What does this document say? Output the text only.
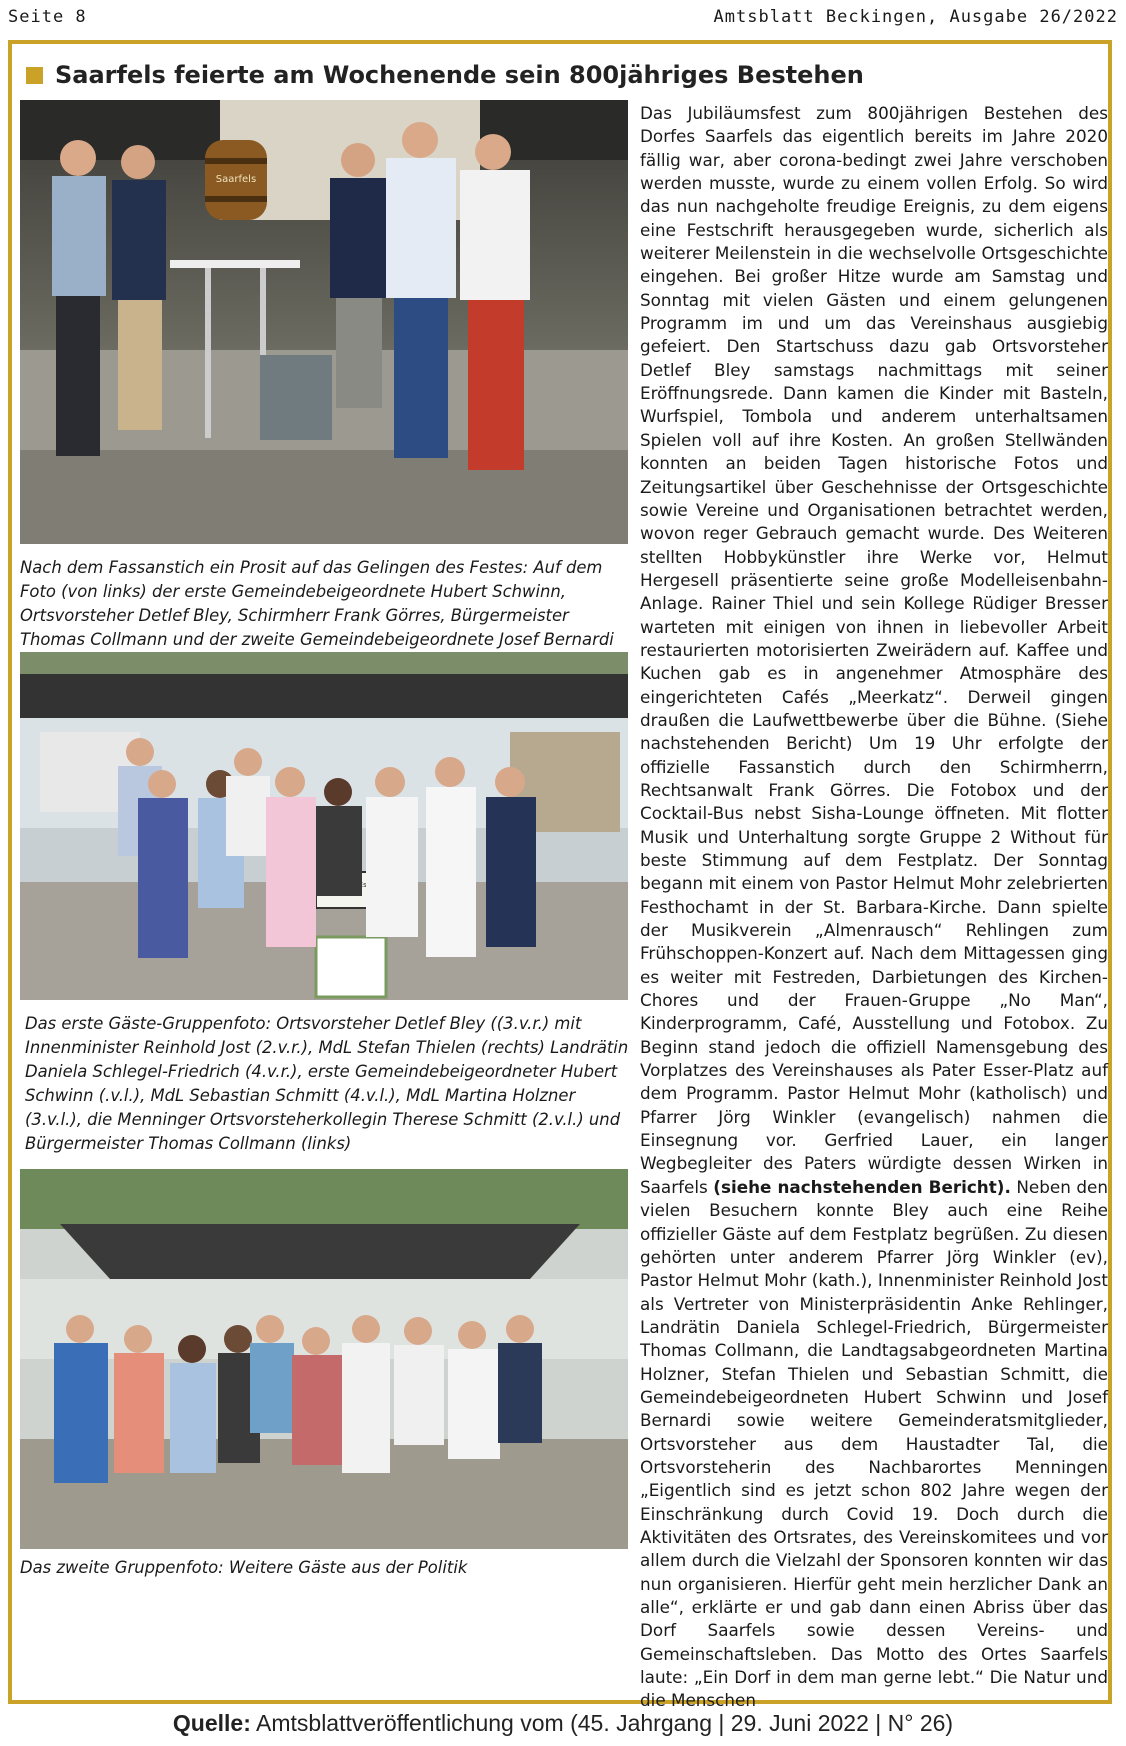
Seite 8	Amtsblatt Beckingen, Ausgabe 26/2022
Saarfels feierte am Wochenende sein 800jähriges Bestehen
Saarfels
Nach dem Fassanstich ein Prosit auf das Gelingen des Festes: Auf dem Foto (von links) der erste Gemeindebeigeordnete Hubert Schwinn, Ortsvorsteher Detlef Bley, Schirmherr Frank Görres, Bürgermeister Thomas Collmann und der zweite Gemeindebeigeordnete Josef Bernardi
Das erste Gäste-Gruppenfoto: Ortsvorsteher Detlef Bley ((3.v.r.) mit Innenminister Reinhold Jost (2.v.r.), MdL Stefan Thielen (rechts) Landrätin Daniela Schlegel-Friedrich (4.v.r.), erste Gemeindebeigeordneter Hubert Schwinn (.v.l.), MdL Sebastian Schmitt (4.v.l.), MdL Martina Holzner (3.v.l.), die Menninger Ortsvorsteherkollegin Therese Schmitt (2.v.l.) und Bürgermeister Thomas Collmann (links)
Das zweite Gruppenfoto: Weitere Gäste aus der Politik

Das Jubiläumsfest zum 800jährigen Bestehen des Dorfes Saarfels das eigentlich bereits im Jahre 2020 fällig war, aber corona-bedingt zwei Jahre verschoben werden musste, wurde zu einem vollen Erfolg. So wird das nun nachgeholte freudige Ereignis, zu dem eigens eine Festschrift herausgegeben wurde, sicherlich als weiterer Meilenstein in die wechselvolle Ortsgeschichte eingehen. Bei großer Hitze wurde am Samstag und Sonntag mit vielen Gästen und einem gelungenen Programm im und um das Vereinshaus ausgiebig gefeiert. Den Startschuss dazu gab Ortsvorsteher Detlef Bley samstags nachmittags mit seiner Eröffnungsrede. Dann kamen die Kinder mit Basteln, Wurfspiel, Tombola und anderem unterhaltsamen Spielen voll auf ihre Kosten. An großen Stellwänden konnten an beiden Tagen historische Fotos und Zeitungsartikel über Geschehnisse der Ortsgeschichte sowie Vereine und Organisationen betrachtet werden, wovon reger Gebrauch gemacht wurde. Des Weiteren stellten Hobbykünstler ihre Werke vor, Helmut Hergesell präsentierte seine große Modelleisenbahn-Anlage. Rainer Thiel und sein Kollege Rüdiger Bresser warteten mit einigen von ihnen in liebevoller Arbeit restaurierten motorisierten Zweirädern auf. Kaffee und Kuchen gab es in angenehmer Atmosphäre des eingerichteten Cafés „Meerkatz“. Derweil gingen draußen die Laufwettbewerbe über die Bühne. (Siehe nachstehenden Bericht) Um 19 Uhr erfolgte der offizielle Fassanstich durch den Schirmherrn, Rechtsanwalt Frank Görres. Die Fotobox und der Cocktail-Bus nebst Sisha-Lounge öffneten. Mit flotter Musik und Unterhaltung sorgte Gruppe 2 Without für beste Stimmung auf dem Festplatz. Der Sonntag begann mit einem von Pastor Helmut Mohr zelebrierten Festhochamt in der St. Barbara-Kirche. Dann spielte der Musikverein „Almenrausch“ Rehlingen zum Frühschoppen-Konzert auf. Nach dem Mittagessen ging es weiter mit Festreden, Darbietungen des Kirchen-Chores und der Frauen-Gruppe „No Man“, Kinderprogramm, Café, Ausstellung und Fotobox. Zu Beginn stand jedoch die offiziell Namensgebung des Vorplatzes des Vereinshauses als Pater Esser-Platz auf dem Programm. Pastor Helmut Mohr (katholisch) und Pfarrer Jörg Winkler (evangelisch) nahmen die Einsegnung vor. Gerfried Lauer, ein langer Wegbegleiter des Paters würdigte dessen Wirken in Saarfels (siehe nachstehenden Bericht). Neben den vielen Besuchern konnte Bley auch eine Reihe offizieller Gäste auf dem Festplatz begrüßen. Zu diesen gehörten unter anderem Pfarrer Jörg Winkler (ev), Pastor Helmut Mohr (kath.), Innenminister Reinhold Jost als Vertreter von Ministerpräsidentin Anke Rehlinger, Landrätin Daniela Schlegel-Friedrich, Bürgermeister Thomas Collmann, die Landtagsabgeordneten Martina Holzner, Stefan Thielen und Sebastian Schmitt, die Gemeindebeigeordneten Hubert Schwinn und Josef Bernardi sowie weitere Gemeinderatsmitglieder, Ortsvorsteher aus dem Haustadter Tal, die Ortsvorsteherin des Nachbarortes Menningen „Eigentlich sind es jetzt schon 802 Jahre wegen der Einschränkung durch Covid 19. Doch durch die Aktivitäten des Ortsrates, des Vereinskomitees und vor allem durch die Vielzahl der Sponsoren konnten wir das nun organisieren. Hierfür geht mein herzlicher Dank an alle“, erklärte er und gab dann einen Abriss über das Dorf Saarfels sowie dessen Vereins- und Gemeinschaftsleben. Das Motto des Ortes Saarfels laute: „Ein Dorf in dem man gerne lebt.“ Die Natur und die Menschen

Quelle: Amtsblattveröffentlichung vom (45. Jahrgang | 29. Juni 2022 | N° 26)
